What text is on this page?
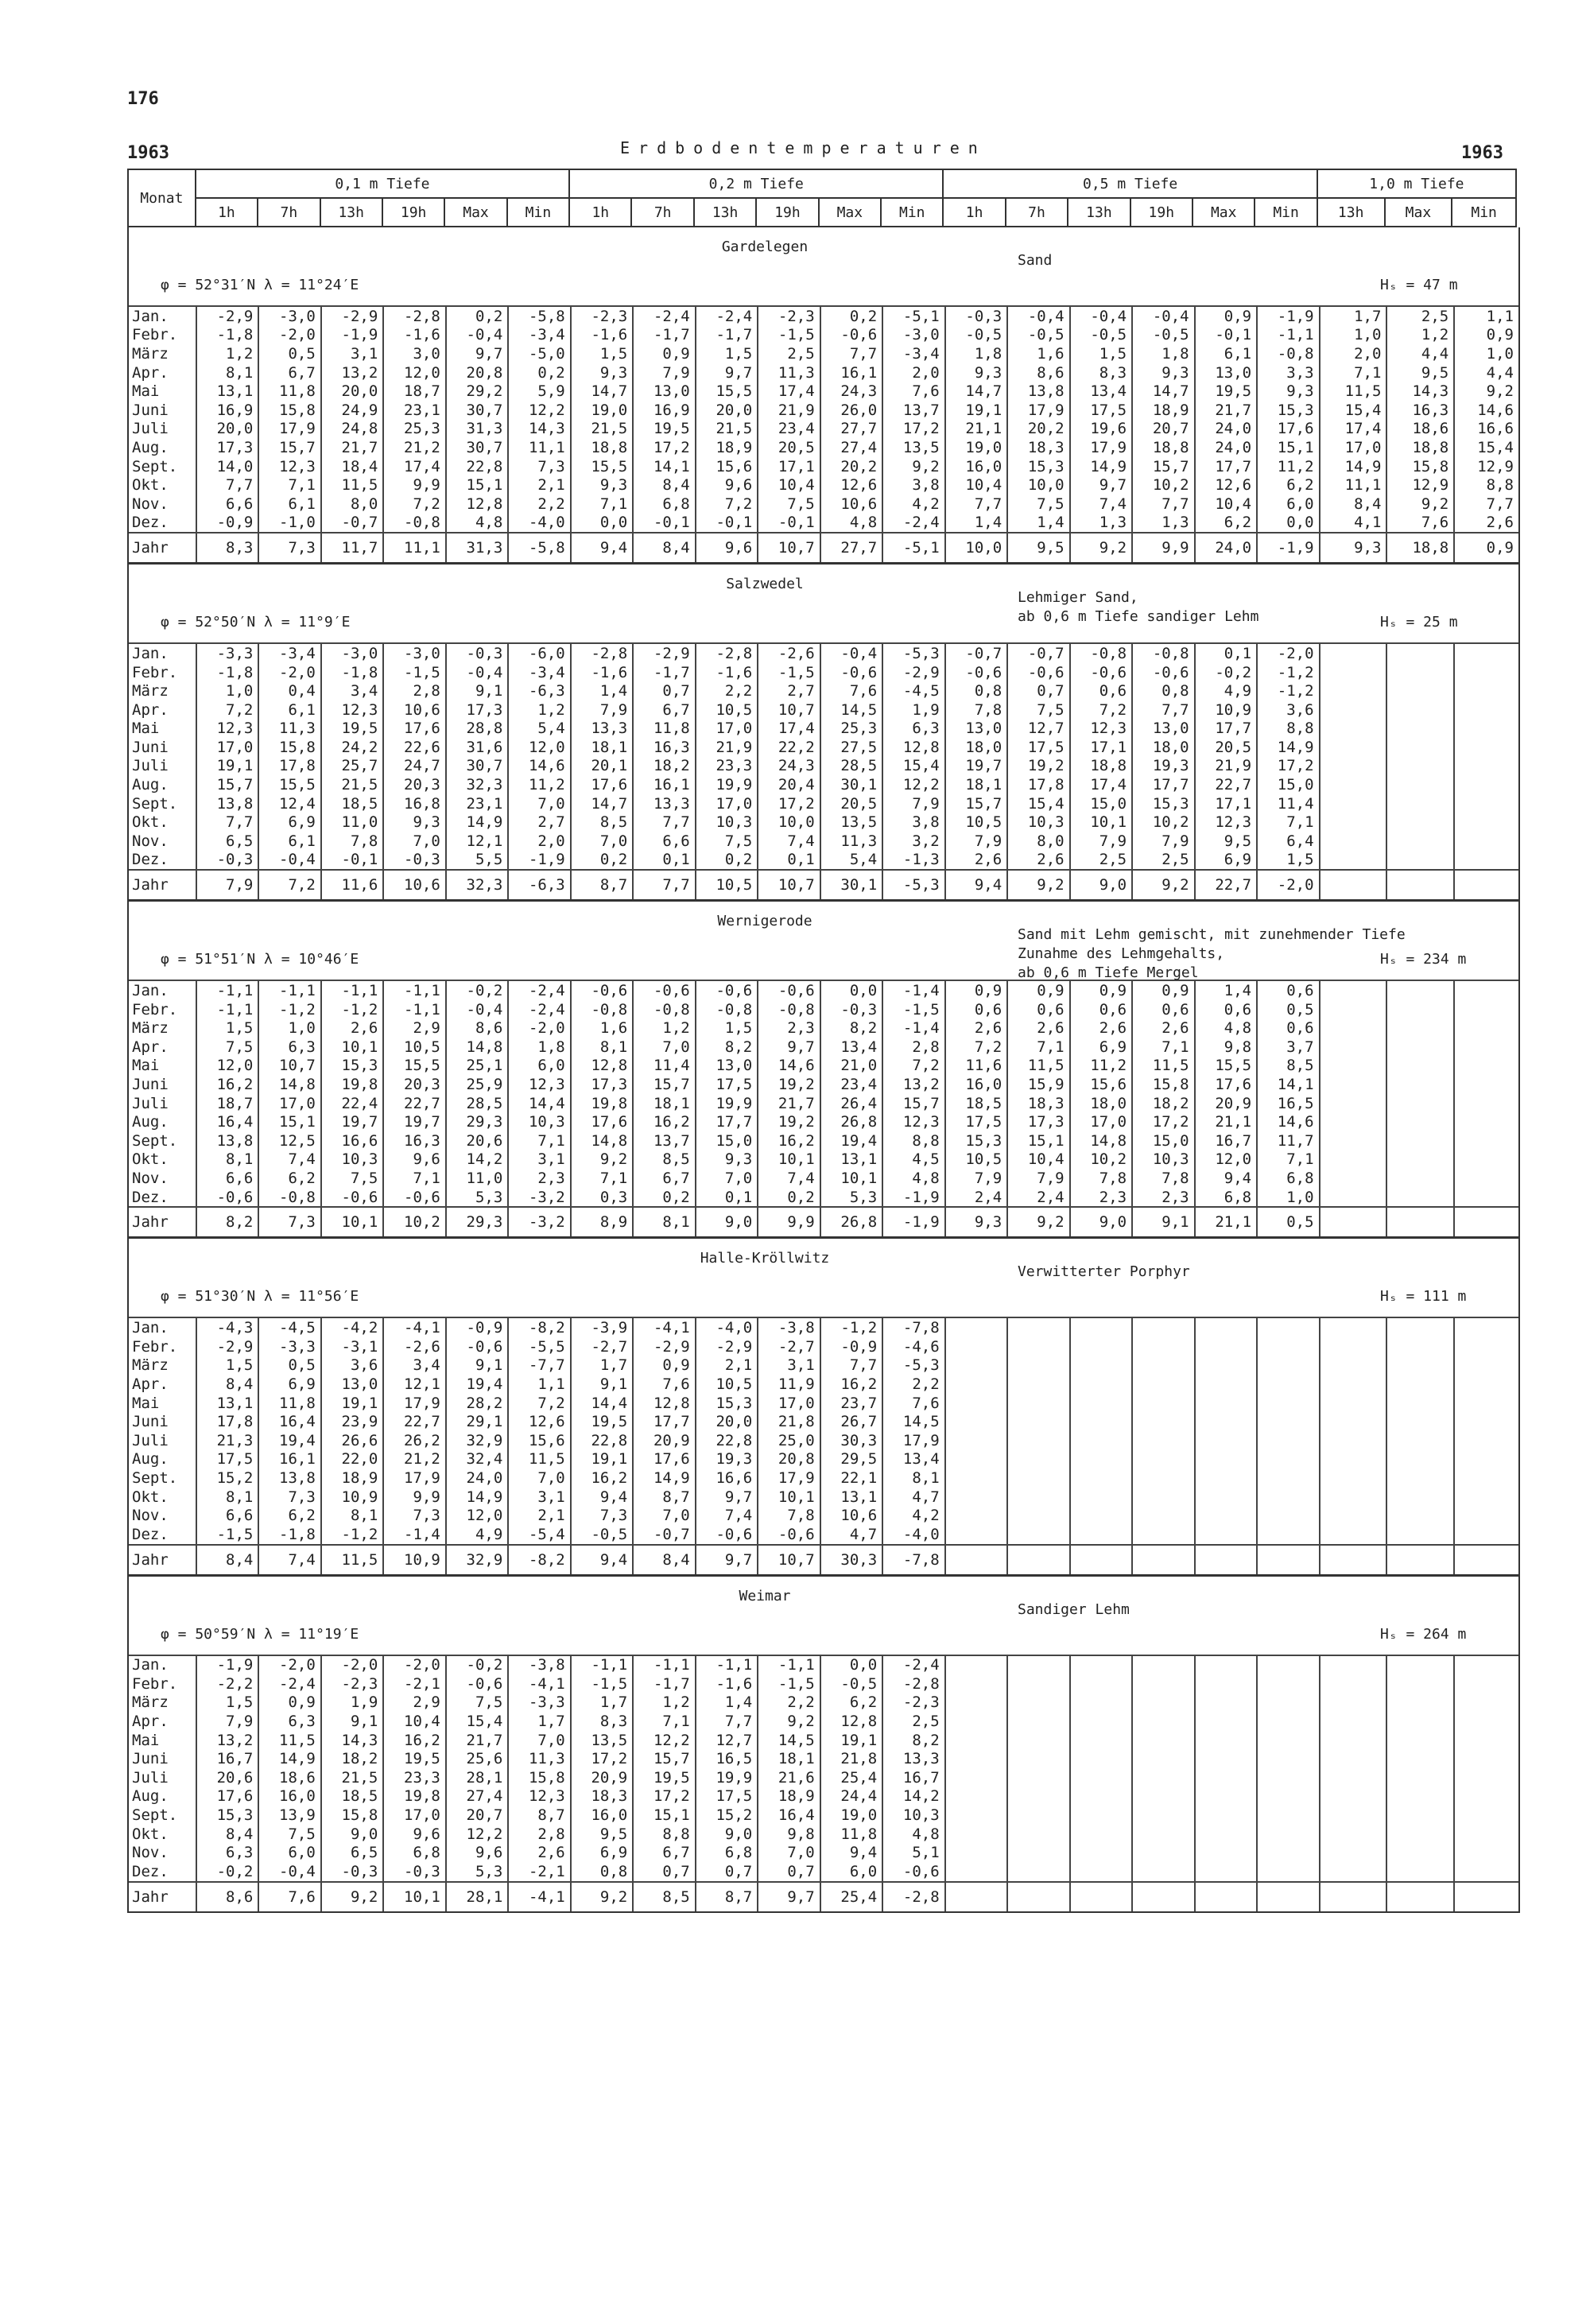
176
1963	Erdbodentemperaturen	1963
Monat	0,1 m Tiefe						0,2 m Tiefe						0,5 m Tiefe						1,0 m Tiefe		
	1h	7h	13h	19h	Max	Min	1h	7h	13h	19h	Max	Min	1h	7h	13h	19h	Max	Min	13h	Max	Min
Gardelegen
φ = 52°31′N λ = 11°24′E
Sand
Hₛ = 47 m
Jan.	-2,9	-3,0	-2,9	-2,8	0,2	-5,8	-2,3	-2,4	-2,4	-2,3	0,2	-5,1	-0,3	-0,4	-0,4	-0,4	0,9	-1,9	1,7	2,5	1,1
Febr.	-1,8	-2,0	-1,9	-1,6	-0,4	-3,4	-1,6	-1,7	-1,7	-1,5	-0,6	-3,0	-0,5	-0,5	-0,5	-0,5	-0,1	-1,1	1,0	1,2	0,9
März	1,2	0,5	3,1	3,0	9,7	-5,0	1,5	0,9	1,5	2,5	7,7	-3,4	1,8	1,6	1,5	1,8	6,1	-0,8	2,0	4,4	1,0
Apr.	8,1	6,7	13,2	12,0	20,8	0,2	9,3	7,9	9,7	11,3	16,1	2,0	9,3	8,6	8,3	9,3	13,0	3,3	7,1	9,5	4,4
Mai	13,1	11,8	20,0	18,7	29,2	5,9	14,7	13,0	15,5	17,4	24,3	7,6	14,7	13,8	13,4	14,7	19,5	9,3	11,5	14,3	9,2
Juni	16,9	15,8	24,9	23,1	30,7	12,2	19,0	16,9	20,0	21,9	26,0	13,7	19,1	17,9	17,5	18,9	21,7	15,3	15,4	16,3	14,6
Juli	20,0	17,9	24,8	25,3	31,3	14,3	21,5	19,5	21,5	23,4	27,7	17,2	21,1	20,2	19,6	20,7	24,0	17,6	17,4	18,6	16,6
Aug.	17,3	15,7	21,7	21,2	30,7	11,1	18,8	17,2	18,9	20,5	27,4	13,5	19,0	18,3	17,9	18,8	24,0	15,1	17,0	18,8	15,4
Sept.	14,0	12,3	18,4	17,4	22,8	7,3	15,5	14,1	15,6	17,1	20,2	9,2	16,0	15,3	14,9	15,7	17,7	11,2	14,9	15,8	12,9
Okt.	7,7	7,1	11,5	9,9	15,1	2,1	9,3	8,4	9,6	10,4	12,6	3,8	10,4	10,0	9,7	10,2	12,6	6,2	11,1	12,9	8,8
Nov.	6,6	6,1	8,0	7,2	12,8	2,2	7,1	6,8	7,2	7,5	10,6	4,2	7,7	7,5	7,4	7,7	10,4	6,0	8,4	9,2	7,7
Dez.	-0,9	-1,0	-0,7	-0,8	4,8	-4,0	0,0	-0,1	-0,1	-0,1	4,8	-2,4	1,4	1,4	1,3	1,3	6,2	0,0	4,1	7,6	2,6
Jahr	8,3	7,3	11,7	11,1	31,3	-5,8	9,4	8,4	9,6	10,7	27,7	-5,1	10,0	9,5	9,2	9,9	24,0	-1,9	9,3	18,8	0,9
Salzwedel
φ = 52°50′N λ = 11°9′E
Lehmiger Sand,
ab 0,6 m Tiefe sandiger Lehm	Hₛ = 25 m
Jan.	-3,3	-3,4	-3,0	-3,0	-0,3	-6,0	-2,8	-2,9	-2,8	-2,6	-0,4	-5,3	-0,7	-0,7	-0,8	-0,8	0,1	-2,0			
Febr.	-1,8	-2,0	-1,8	-1,5	-0,4	-3,4	-1,6	-1,7	-1,6	-1,5	-0,6	-2,9	-0,6	-0,6	-0,6	-0,6	-0,2	-1,2			
März	1,0	0,4	3,4	2,8	9,1	-6,3	1,4	0,7	2,2	2,7	7,6	-4,5	0,8	0,7	0,6	0,8	4,9	-1,2			
Apr.	7,2	6,1	12,3	10,6	17,3	1,2	7,9	6,7	10,5	10,7	14,5	1,9	7,8	7,5	7,2	7,7	10,9	3,6			
Mai	12,3	11,3	19,5	17,6	28,8	5,4	13,3	11,8	17,0	17,4	25,3	6,3	13,0	12,7	12,3	13,0	17,7	8,8			
Juni	17,0	15,8	24,2	22,6	31,6	12,0	18,1	16,3	21,9	22,2	27,5	12,8	18,0	17,5	17,1	18,0	20,5	14,9			
Juli	19,1	17,8	25,7	24,7	30,7	14,6	20,1	18,2	23,3	24,3	28,5	15,4	19,7	19,2	18,8	19,3	21,9	17,2			
Aug.	15,7	15,5	21,5	20,3	32,3	11,2	17,6	16,1	19,9	20,4	30,1	12,2	18,1	17,8	17,4	17,7	22,7	15,0			
Sept.	13,8	12,4	18,5	16,8	23,1	7,0	14,7	13,3	17,0	17,2	20,5	7,9	15,7	15,4	15,0	15,3	17,1	11,4			
Okt.	7,7	6,9	11,0	9,3	14,9	2,7	8,5	7,7	10,3	10,0	13,5	3,8	10,5	10,3	10,1	10,2	12,3	7,1			
Nov.	6,5	6,1	7,8	7,0	12,1	2,0	7,0	6,6	7,5	7,4	11,3	3,2	7,9	8,0	7,9	7,9	9,5	6,4			
Dez.	-0,3	-0,4	-0,1	-0,3	5,5	-1,9	0,2	0,1	0,2	0,1	5,4	-1,3	2,6	2,6	2,5	2,5	6,9	1,5			
Jahr	7,9	7,2	11,6	10,6	32,3	-6,3	8,7	7,7	10,5	10,7	30,1	-5,3	9,4	9,2	9,0	9,2	22,7	-2,0			
Wernigerode
φ = 51°51′N λ = 10°46′E
Sand mit Lehm gemischt, mit zunehmender Tiefe
Zunahme des Lehmgehalts,
ab 0,6 m Tiefe Mergel
Hₛ = 234 m
Jan.	-1,1	-1,1	-1,1	-1,1	-0,2	-2,4	-0,6	-0,6	-0,6	-0,6	0,0	-1,4	0,9	0,9	0,9	0,9	1,4	0,6			
Febr.	-1,1	-1,2	-1,2	-1,1	-0,4	-2,4	-0,8	-0,8	-0,8	-0,8	-0,3	-1,5	0,6	0,6	0,6	0,6	0,6	0,5			
März	1,5	1,0	2,6	2,9	8,6	-2,0	1,6	1,2	1,5	2,3	8,2	-1,4	2,6	2,6	2,6	2,6	4,8	0,6			
Apr.	7,5	6,3	10,1	10,5	14,8	1,8	8,1	7,0	8,2	9,7	13,4	2,8	7,2	7,1	6,9	7,1	9,8	3,7			
Mai	12,0	10,7	15,3	15,5	25,1	6,0	12,8	11,4	13,0	14,6	21,0	7,2	11,6	11,5	11,2	11,5	15,5	8,5			
Juni	16,2	14,8	19,8	20,3	25,9	12,3	17,3	15,7	17,5	19,2	23,4	13,2	16,0	15,9	15,6	15,8	17,6	14,1			
Juli	18,7	17,0	22,4	22,7	28,5	14,4	19,8	18,1	19,9	21,7	26,4	15,7	18,5	18,3	18,0	18,2	20,9	16,5			
Aug.	16,4	15,1	19,7	19,7	29,3	10,3	17,6	16,2	17,7	19,2	26,8	12,3	17,5	17,3	17,0	17,2	21,1	14,6			
Sept.	13,8	12,5	16,6	16,3	20,6	7,1	14,8	13,7	15,0	16,2	19,4	8,8	15,3	15,1	14,8	15,0	16,7	11,7			
Okt.	8,1	7,4	10,3	9,6	14,2	3,1	9,2	8,5	9,3	10,1	13,1	4,5	10,5	10,4	10,2	10,3	12,0	7,1			
Nov.	6,6	6,2	7,5	7,1	11,0	2,3	7,1	6,7	7,0	7,4	10,1	4,8	7,9	7,9	7,8	7,8	9,4	6,8			
Dez.	-0,6	-0,8	-0,6	-0,6	5,3	-3,2	0,3	0,2	0,1	0,2	5,3	-1,9	2,4	2,4	2,3	2,3	6,8	1,0			
Jahr	8,2	7,3	10,1	10,2	29,3	-3,2	8,9	8,1	9,0	9,9	26,8	-1,9	9,3	9,2	9,0	9,1	21,1	0,5			
Halle-Kröllwitz
φ = 51°30′N λ = 11°56′E
Verwitterter Porphyr
Hₛ = 111 m
Jan.	-4,3	-4,5	-4,2	-4,1	-0,9	-8,2	-3,9	-4,1	-4,0	-3,8	-1,2	-7,8									
Febr.	-2,9	-3,3	-3,1	-2,6	-0,6	-5,5	-2,7	-2,9	-2,9	-2,7	-0,9	-4,6									
März	1,5	0,5	3,6	3,4	9,1	-7,7	1,7	0,9	2,1	3,1	7,7	-5,3									
Apr.	8,4	6,9	13,0	12,1	19,4	1,1	9,1	7,6	10,5	11,9	16,2	2,2									
Mai	13,1	11,8	19,1	17,9	28,2	7,2	14,4	12,8	15,3	17,0	23,7	7,6									
Juni	17,8	16,4	23,9	22,7	29,1	12,6	19,5	17,7	20,0	21,8	26,7	14,5									
Juli	21,3	19,4	26,6	26,2	32,9	15,6	22,8	20,9	22,8	25,0	30,3	17,9									
Aug.	17,5	16,1	22,0	21,2	32,4	11,5	19,1	17,6	19,3	20,8	29,5	13,4									
Sept.	15,2	13,8	18,9	17,9	24,0	7,0	16,2	14,9	16,6	17,9	22,1	8,1									
Okt.	8,1	7,3	10,9	9,9	14,9	3,1	9,4	8,7	9,7	10,1	13,1	4,7									
Nov.	6,6	6,2	8,1	7,3	12,0	2,1	7,3	7,0	7,4	7,8	10,6	4,2									
Dez.	-1,5	-1,8	-1,2	-1,4	4,9	-5,4	-0,5	-0,7	-0,6	-0,6	4,7	-4,0									
Jahr	8,4	7,4	11,5	10,9	32,9	-8,2	9,4	8,4	9,7	10,7	30,3	-7,8									
Weimar
φ = 50°59′N λ = 11°19′E
Sandiger Lehm
Hₛ = 264 m
Jan.	-1,9	-2,0	-2,0	-2,0	-0,2	-3,8	-1,1	-1,1	-1,1	-1,1	0,0	-2,4									
Febr.	-2,2	-2,4	-2,3	-2,1	-0,6	-4,1	-1,5	-1,7	-1,6	-1,5	-0,5	-2,8									
März	1,5	0,9	1,9	2,9	7,5	-3,3	1,7	1,2	1,4	2,2	6,2	-2,3									
Apr.	7,9	6,3	9,1	10,4	15,4	1,7	8,3	7,1	7,7	9,2	12,8	2,5									
Mai	13,2	11,5	14,3	16,2	21,7	7,0	13,5	12,2	12,7	14,5	19,1	8,2									
Juni	16,7	14,9	18,2	19,5	25,6	11,3	17,2	15,7	16,5	18,1	21,8	13,3									
Juli	20,6	18,6	21,5	23,3	28,1	15,8	20,9	19,5	19,9	21,6	25,4	16,7									
Aug.	17,6	16,0	18,5	19,8	27,4	12,3	18,3	17,2	17,5	18,9	24,4	14,2									
Sept.	15,3	13,9	15,8	17,0	20,7	8,7	16,0	15,1	15,2	16,4	19,0	10,3									
Okt.	8,4	7,5	9,0	9,6	12,2	2,8	9,5	8,8	9,0	9,8	11,8	4,8									
Nov.	6,3	6,0	6,5	6,8	9,6	2,6	6,9	6,7	6,8	7,0	9,4	5,1									
Dez.	-0,2	-0,4	-0,3	-0,3	5,3	-2,1	0,8	0,7	0,7	0,7	6,0	-0,6									
Jahr	8,6	7,6	9,2	10,1	28,1	-4,1	9,2	8,5	8,7	9,7	25,4	-2,8									
